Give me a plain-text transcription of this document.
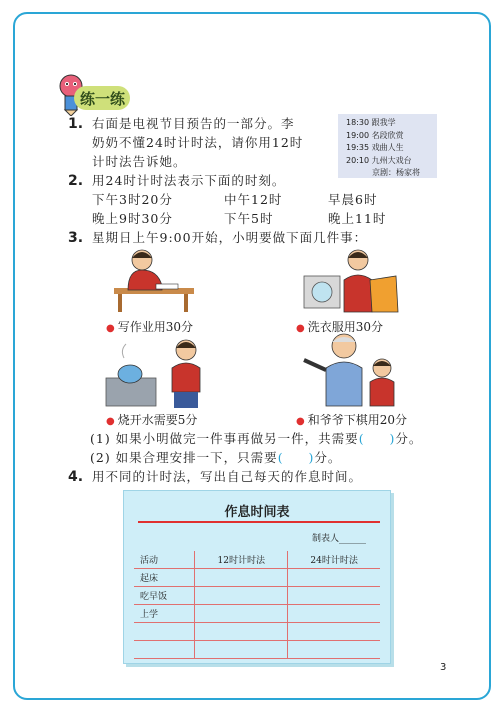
练一练
1. 右面是电视节目预告的一部分。李
奶奶不懂24时计时法，请你用12时
计时法告诉她。
18:30 跟我学
19:00 名段欣赏
19:35 戏曲人生
20:10 九州大戏台
京剧：杨家将
2. 用24时计时法表示下面的时刻。
下午3时20分	中午12时	早晨6时
晚上9时30分	下午5时	晚上11时
3. 星期日上午9:00开始，小明要做下面几件事：
● 写作业用30分	● 洗衣服用30分
● 烧开水需要5分	● 和爷爷下棋用20分
(1) 如果小明做完一件事再做另一件，共需要( )分。
(2) 如果合理安排一下，只需要( )分。
4. 用不同的计时法，写出自己每天的作息时间。
作息时间表
制表人______
活动	12时计时法	24时计时法
起床		
吃早饭		
上学		

3
